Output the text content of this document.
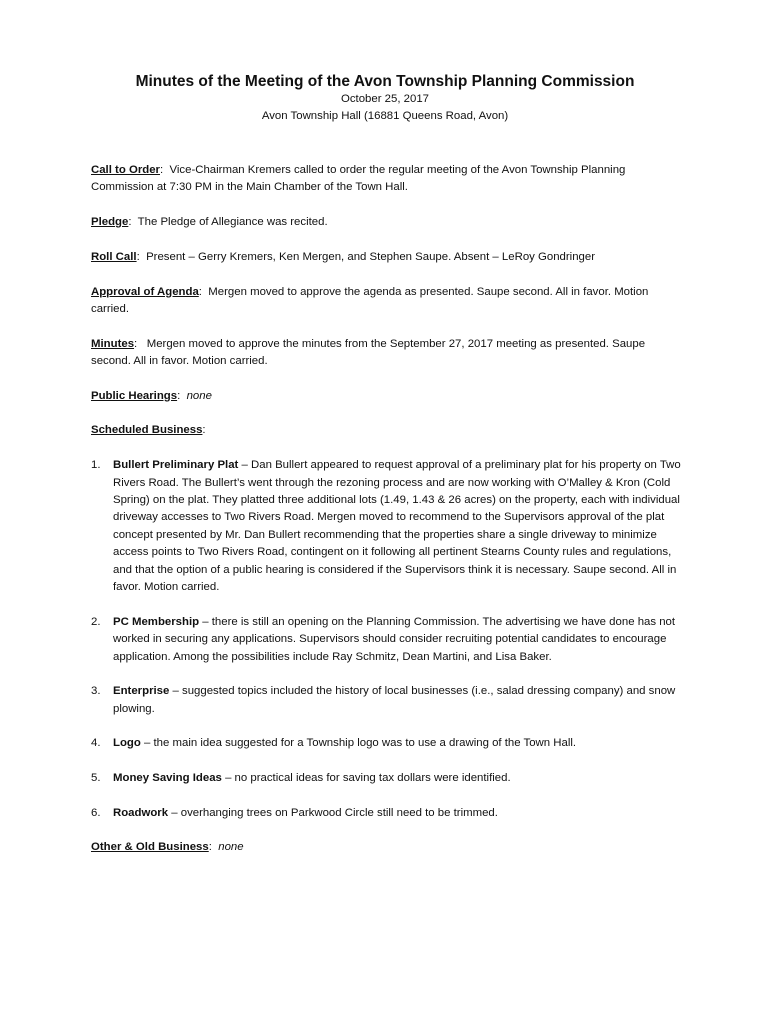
Minutes of the Meeting of the Avon Township Planning Commission

October 25, 2017

Avon Township Hall (16881 Queens Road, Avon)

Call to Order:  Vice-Chairman Kremers called to order the regular meeting of the Avon Township Planning Commission at 7:30 PM in the Main Chamber of the Town Hall.

Pledge:  The Pledge of Allegiance was recited.

Roll Call:  Present – Gerry Kremers, Ken Mergen, and Stephen Saupe. Absent – LeRoy Gondringer

Approval of Agenda:  Mergen moved to approve the agenda as presented. Saupe second. All in favor. Motion carried.

Minutes:   Mergen moved to approve the minutes from the September 27, 2017 meeting as presented. Saupe second. All in favor. Motion carried.

Public Hearings:  none

Scheduled Business:

1.	Bullert Preliminary Plat – Dan Bullert appeared to request approval of a preliminary plat for his property on Two Rivers Road. The Bullert’s went through the rezoning process and are now working with O’Malley & Kron (Cold Spring) on the plat. They platted three additional lots (1.49, 1.43 & 26 acres) on the property, each with individual driveway accesses to Two Rivers Road. Mergen moved to recommend to the Supervisors approval of the plat concept presented by Mr. Dan Bullert recommending that the properties share a single driveway to minimize access points to Two Rivers Road, contingent on it following all pertinent Stearns County rules and regulations, and that the option of a public hearing is considered if the Supervisors think it is necessary. Saupe second. All in favor. Motion carried.
2.	PC Membership – there is still an opening on the Planning Commission. The advertising we have done has not worked in securing any applications. Supervisors should consider recruiting potential candidates to encourage application. Among the possibilities include Ray Schmitz, Dean Martini, and Lisa Baker.
3.	Enterprise – suggested topics included the history of local businesses (i.e., salad dressing company) and snow plowing.
4.	Logo – the main idea suggested for a Township logo was to use a drawing of the Town Hall.
5.	Money Saving Ideas – no practical ideas for saving tax dollars were identified.
6.	Roadwork – overhanging trees on Parkwood Circle still need to be trimmed.

Other & Old Business:  none
